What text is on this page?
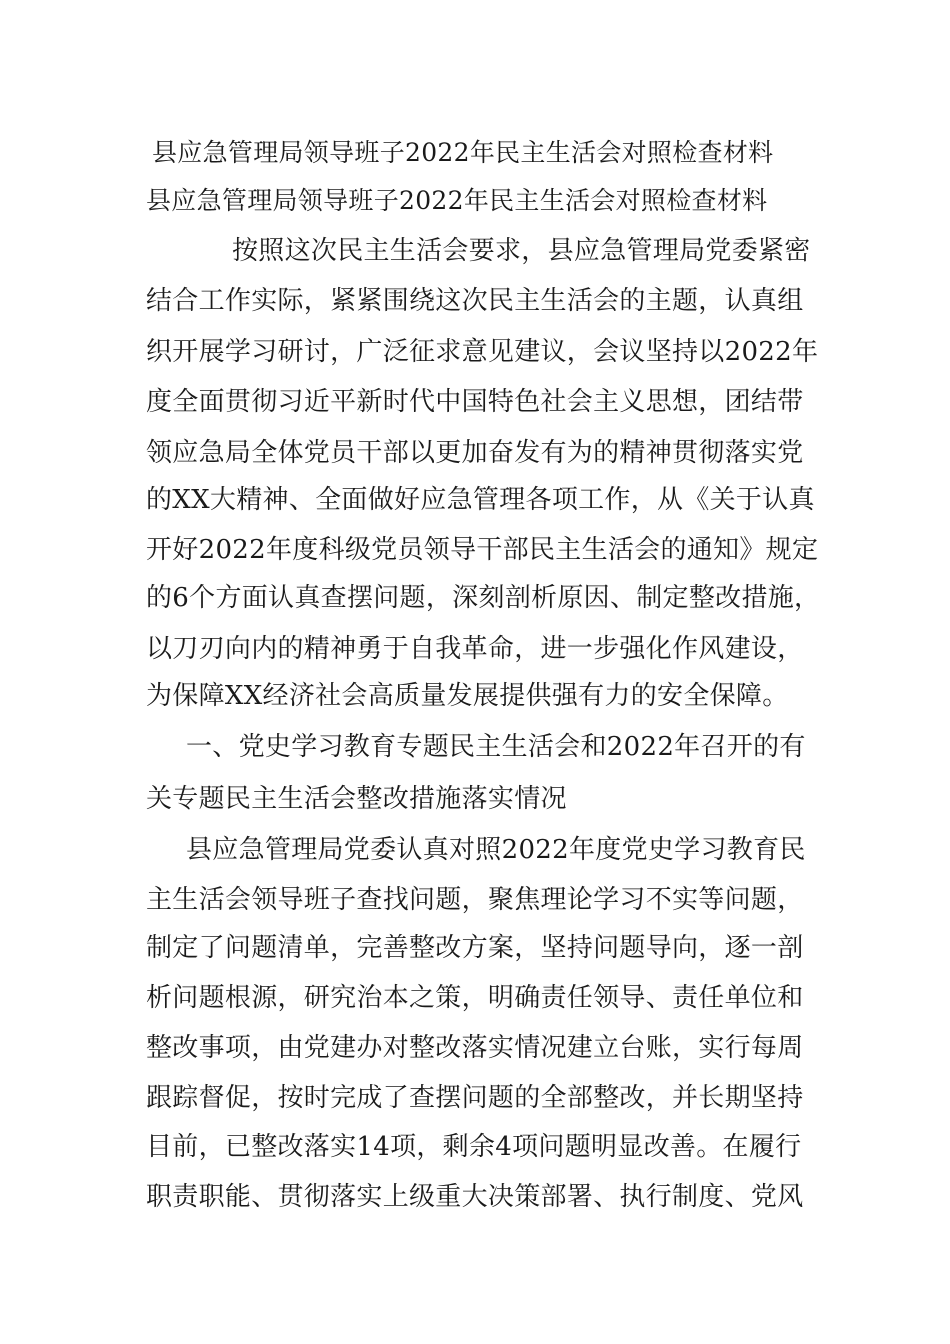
县应急管理局领导班子2022年民主生活会对照检查材料
县应急管理局领导班子2022年民主生活会对照检查材料
按照这次民主生活会要求，县应急管理局党委紧密
结合工作实际，紧紧围绕这次民主生活会的主题，认真组
织开展学习研讨，广泛征求意见建议，会议坚持以2022年
度全面贯彻习近平新时代中国特色社会主义思想，团结带
领应急局全体党员干部以更加奋发有为的精神贯彻落实党
的XX大精神、全面做好应急管理各项工作，从《关于认真
开好2022年度科级党员领导干部民主生活会的通知》规定
的6个方面认真查摆问题，深刻剖析原因、制定整改措施，
以刀刃向内的精神勇于自我革命，进一步强化作风建设，
为保障XX经济社会高质量发展提供强有力的安全保障。
一、党史学习教育专题民主生活会和2022年召开的有
关专题民主生活会整改措施落实情况
县应急管理局党委认真对照2022年度党史学习教育民
主生活会领导班子查找问题，聚焦理论学习不实等问题，
制定了问题清单，完善整改方案，坚持问题导向，逐一剖
析问题根源，研究治本之策，明确责任领导、责任单位和
整改事项，由党建办对整改落实情况建立台账，实行每周
跟踪督促，按时完成了查摆问题的全部整改，并长期坚持
目前，已整改落实14项，剩余4项问题明显改善。在履行
职责职能、贯彻落实上级重大决策部署、执行制度、党风
